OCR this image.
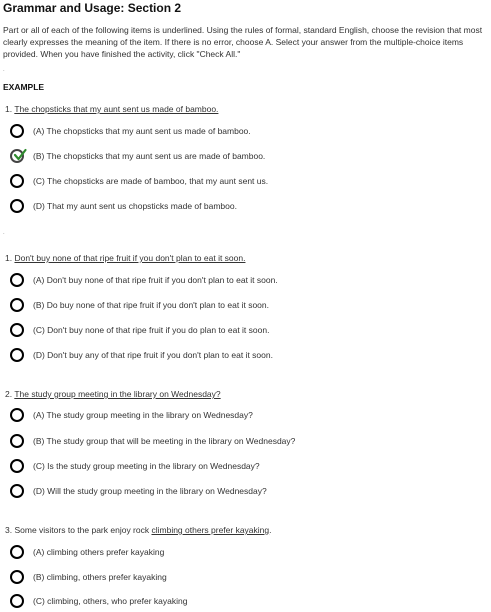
Grammar and Usage: Section 2
Part or all of each of the following items is underlined. Using the rules of formal, standard English, choose the revision that most clearly expresses the meaning of the item. If there is no error, choose A. Select your answer from the multiple-choice items provided. When you have finished the activity, click "Check All."
.
EXAMPLE
1. The chopsticks that my aunt sent us made of bamboo.
(A) The chopsticks that my aunt sent us made of bamboo.
(B) The chopsticks that my aunt sent us are made of bamboo.
(C) The chopsticks are made of bamboo, that my aunt sent us.
(D) That my aunt sent us chopsticks made of bamboo.
.
1. Don't buy none of that ripe fruit if you don't plan to eat it soon.
(A) Don't buy none of that ripe fruit if you don't plan to eat it soon.
(B) Do buy none of that ripe fruit if you don't plan to eat it soon.
(C) Don't buy none of that ripe fruit if you do plan to eat it soon.
(D) Don't buy any of that ripe fruit if you don't plan to eat it soon.
2. The study group meeting in the library on Wednesday?
(A) The study group meeting in the library on Wednesday?
(B) The study group that will be meeting in the library on Wednesday?
(C) Is the study group meeting in the library on Wednesday?
(D) Will the study group meeting in the library on Wednesday?
3. Some visitors to the park enjoy rock climbing others prefer kayaking.
(A) climbing others prefer kayaking
(B) climbing, others prefer kayaking
(C) climbing, others, who prefer kayaking
